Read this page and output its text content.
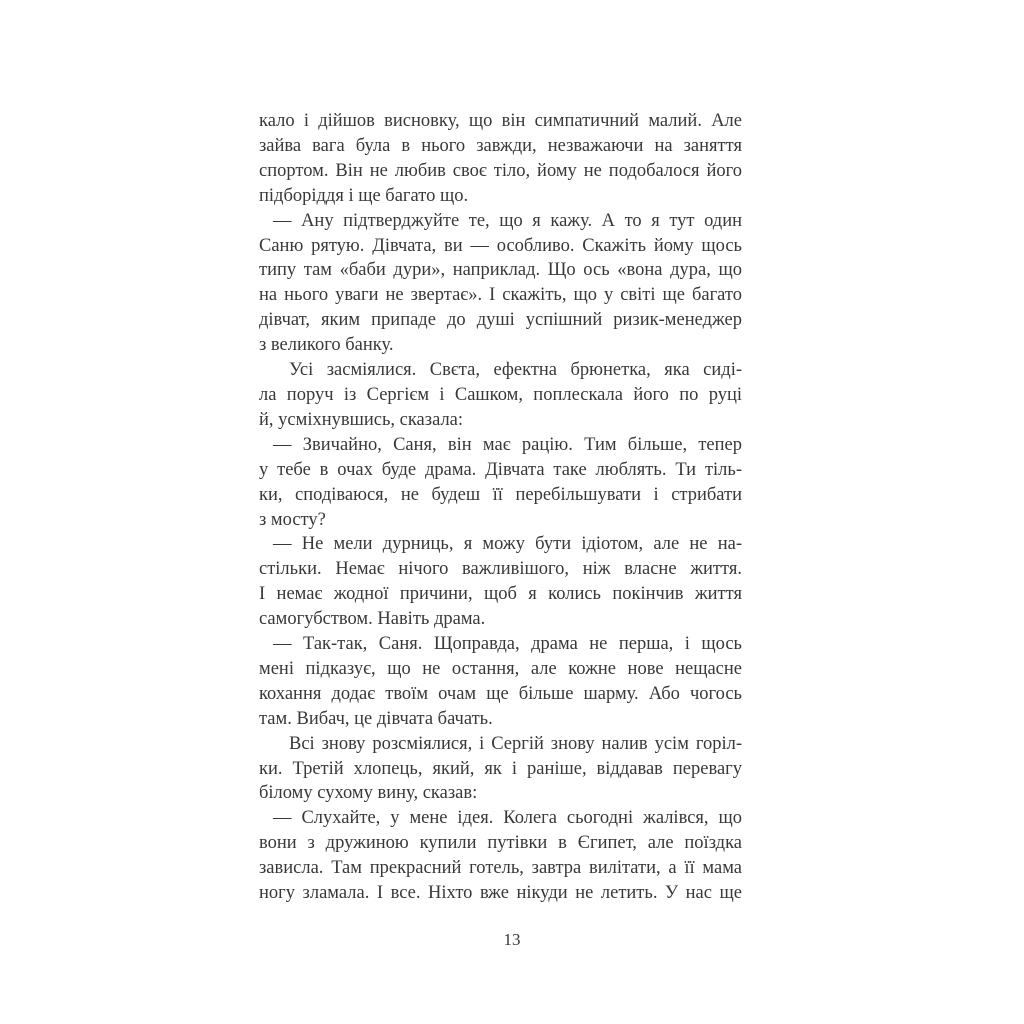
кало і дійшов висновку, що він симпатичний малий. Але
зайва вага була в нього завжди, незважаючи на заняття
спортом. Він не любив своє тіло, йому не подобалося його
підборіддя і ще багато що.
— Ану підтверджуйте те, що я кажу. А то я тут один
Саню рятую. Дівчата, ви — особливо. Скажіть йому щось
типу там «баби дури», наприклад. Що ось «вона дура, що
на нього уваги не звертає». І скажіть, що у світі ще багато
дівчат, яким припаде до душі успішний ризик-менеджер
з великого банку.
Усі засміялися. Свєта, ефектна брюнетка, яка сиді-
ла поруч із Сергієм і Сашком, поплескала його по руці
й, усміхнувшись, сказала:
— Звичайно, Саня, він має рацію. Тим більше, тепер
у тебе в очах буде драма. Дівчата таке люблять. Ти тіль-
ки, сподіваюся, не будеш її перебільшувати і стрибати
з мосту?
— Не мели дурниць, я можу бути ідіотом, але не на-
стільки. Немає нічого важливішого, ніж власне життя.
І немає жодної причини, щоб я колись покінчив життя
самогубством. Навіть драма.
— Так-так, Саня. Щоправда, драма не перша, і щось
мені підказує, що не остання, але кожне нове нещасне
кохання додає твоїм очам ще більше шарму. Або чогось
там. Вибач, це дівчата бачать.
Всі знову розсміялися, і Сергій знову налив усім горіл-
ки. Третій хлопець, який, як і раніше, віддавав перевагу
білому сухому вину, сказав:
— Слухайте, у мене ідея. Колега сьогодні жалівся, що
вони з дружиною купили путівки в Єгипет, але поїздка
зависла. Там прекрасний готель, завтра вилітати, а її мама
ногу зламала. І все. Ніхто вже нікуди не летить. У нас ще
13
